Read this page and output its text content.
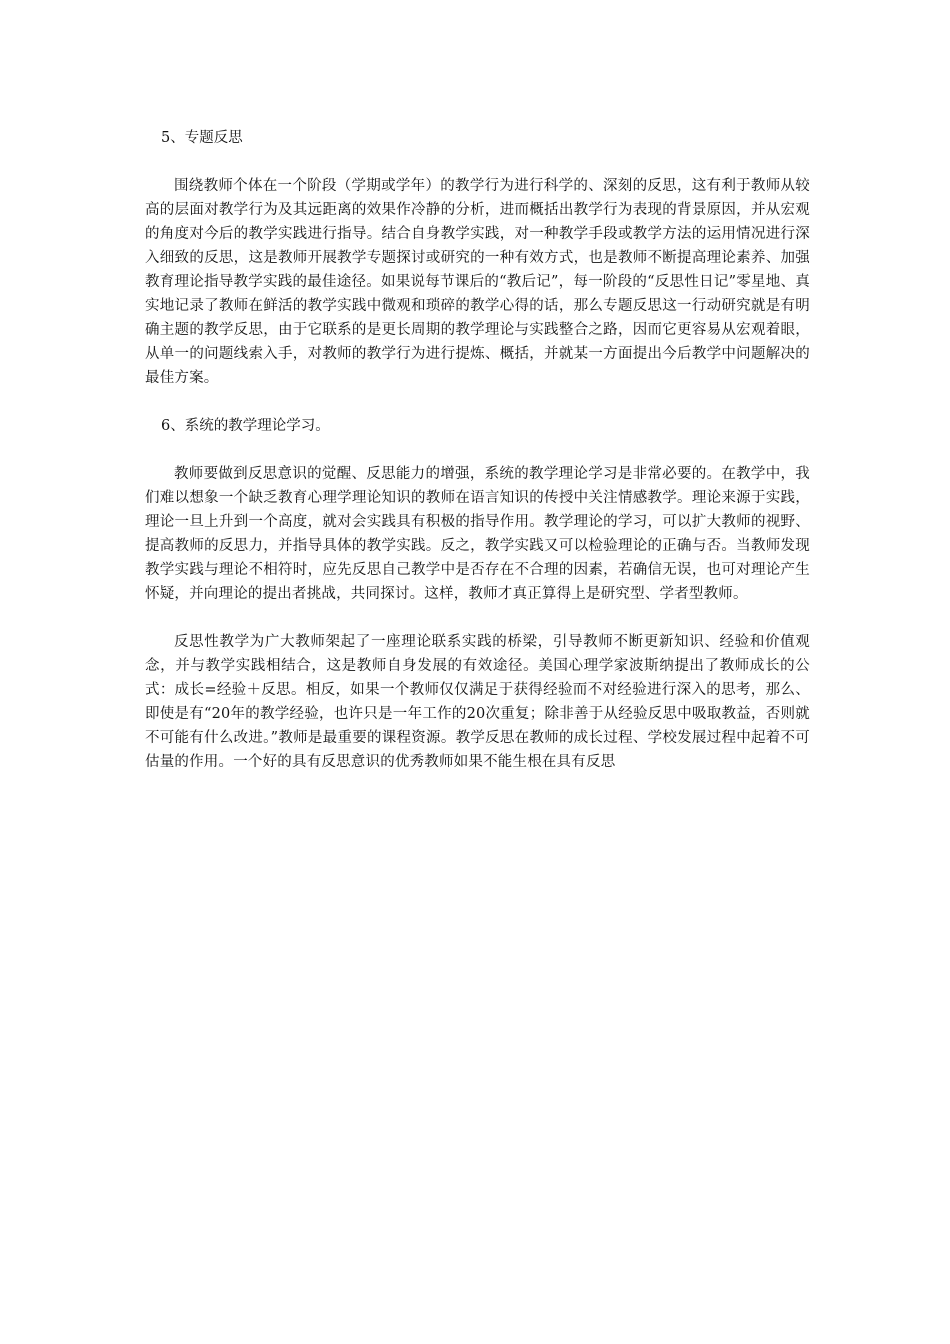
5、专题反思

围绕教师个体在一个阶段（学期或学年）的教学行为进行科学的、深刻的反思，这有利于教师从较高的层面对教学行为及其远距离的效果作冷静的分析，进而概括出教学行为表现的背景原因，并从宏观的角度对今后的教学实践进行指导。结合自身教学实践，对一种教学手段或教学方法的运用情况进行深入细致的反思，这是教师开展教学专题探讨或研究的一种有效方式，也是教师不断提高理论素养、加强教育理论指导教学实践的最佳途径。如果说每节课后的“教后记”，每一阶段的“反思性日记”零星地、真实地记录了教师在鲜活的教学实践中微观和琐碎的教学心得的话，那么专题反思这一行动研究就是有明确主题的教学反思，由于它联系的是更长周期的教学理论与实践整合之路，因而它更容易从宏观着眼，从单一的问题线索入手，对教师的教学行为进行提炼、概括，并就某一方面提出今后教学中问题解决的最佳方案。

6、系统的教学理论学习。

教师要做到反思意识的觉醒、反思能力的增强，系统的教学理论学习是非常必要的。在教学中，我们难以想象一个缺乏教育心理学理论知识的教师在语言知识的传授中关注情感教学。理论来源于实践，理论一旦上升到一个高度，就对会实践具有积极的指导作用。教学理论的学习，可以扩大教师的视野、提高教师的反思力，并指导具体的教学实践。反之，教学实践又可以检验理论的正确与否。当教师发现教学实践与理论不相符时，应先反思自己教学中是否存在不合理的因素，若确信无误，也可对理论产生怀疑，并向理论的提出者挑战，共同探讨。这样，教师才真正算得上是研究型、学者型教师。

反思性教学为广大教师架起了一座理论联系实践的桥梁，引导教师不断更新知识、经验和价值观念，并与教学实践相结合，这是教师自身发展的有效途径。美国心理学家波斯纳提出了教师成长的公式：成长=经验＋反思。相反，如果一个教师仅仅满足于获得经验而不对经验进行深入的思考，那么、即使是有“20年的教学经验，也许只是一年工作的20次重复；除非善于从经验反思中吸取教益，否则就不可能有什么改进。”教师是最重要的课程资源。教学反思在教师的成长过程、学校发展过程中起着不可估量的作用。一个好的具有反思意识的优秀教师如果不能生根在具有反思
